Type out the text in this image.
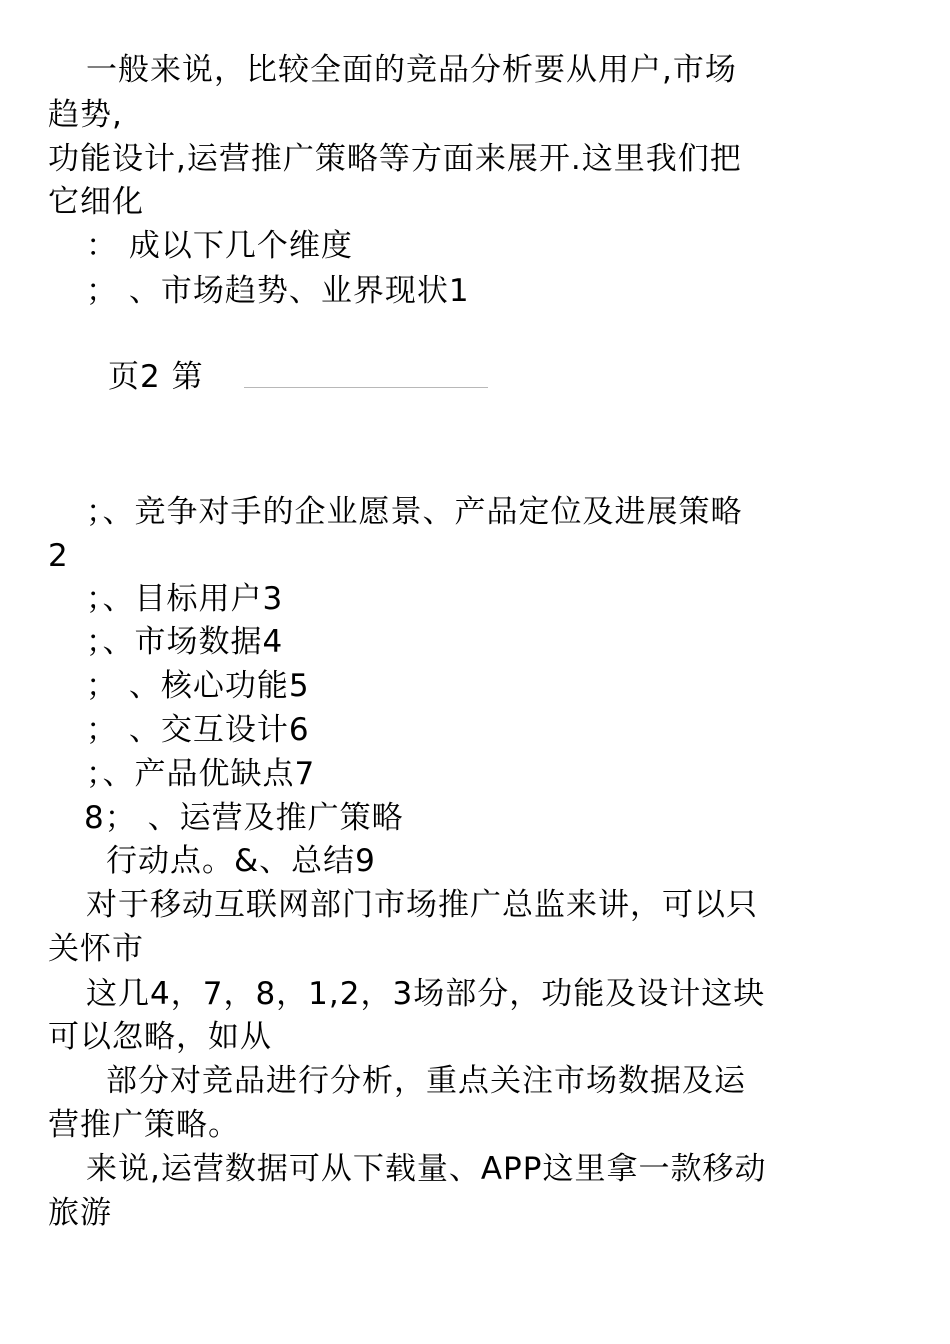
一般来说，比较全面的竞品分析要从用户,市场
趋势,
功能设计,运营推广策略等方面来展开.这里我们把
它细化
： 成以下几个维度
； 、市场趋势、业界现状1
页2 第
；、竞争对手的企业愿景、产品定位及进展策略
2
；、目标用户3
；、市场数据4
； 、核心功能5
； 、交互设计6
；、产品优缺点7
8； 、运营及推广策略
行动点。&、总结9
对于移动互联网部门市场推广总监来讲，可以只
关怀市
这几4，7，8，1,2，3场部分，功能及设计这块
可以忽略，如从
部分对竞品进行分析，重点关注市场数据及运
营推广策略。
来说,运营数据可从下载量、APP这里拿一款移动
旅游
